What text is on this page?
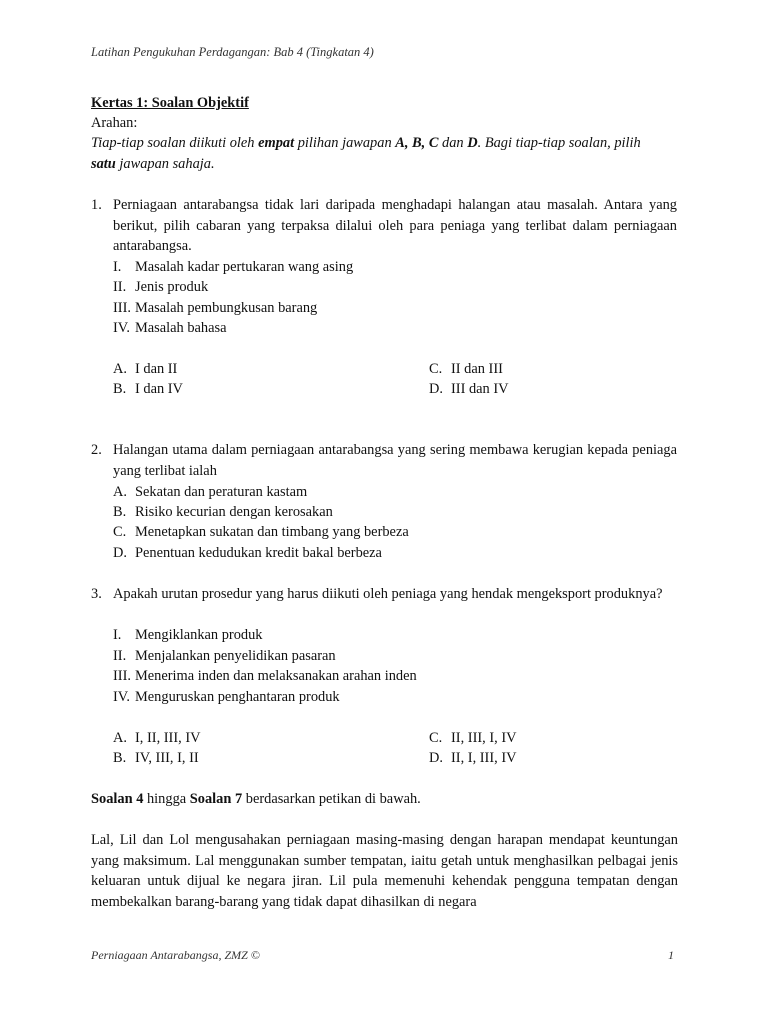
Latihan Pengukuhan Perdagangan: Bab 4 (Tingkatan 4)
Kertas 1: Soalan Objektif
Arahan:
Tiap-tiap soalan diikuti oleh empat pilihan jawapan A, B, C dan D. Bagi tiap-tiap soalan, pilih
satu jawapan sahaja.
1. Perniagaan antarabangsa tidak lari daripada menghadapi halangan atau masalah. Antara yang berikut, pilih cabaran yang terpaksa dilalui oleh para peniaga yang terlibat dalam perniagaan antarabangsa.
I. Masalah kadar pertukaran wang asing
II. Jenis produk
III. Masalah pembungkusan barang
IV. Masalah bahasa
A. I dan II
B. I dan IV
C. II dan III
D. III dan IV
2. Halangan utama dalam perniagaan antarabangsa yang sering membawa kerugian kepada peniaga yang terlibat ialah
A. Sekatan dan peraturan kastam
B. Risiko kecurian dengan kerosakan
C. Menetapkan sukatan dan timbang yang berbeza
D. Penentuan kedudukan kredit bakal berbeza
3. Apakah urutan prosedur yang harus diikuti oleh peniaga yang hendak mengeksport produknya?
I. Mengiklankan produk
II. Menjalankan penyelidikan pasaran
III. Menerima inden dan melaksanakan arahan inden
IV. Menguruskan penghantaran produk
A. I, II, III, IV
B. IV, III, I, II
C. II, III, I, IV
D. II, I, III, IV
Soalan 4 hingga Soalan 7 berdasarkan petikan di bawah.
Lal, Lil dan Lol mengusahakan perniagaan masing-masing dengan harapan mendapat keuntungan yang maksimum. Lal menggunakan sumber tempatan, iaitu getah untuk menghasilkan pelbagai jenis keluaran untuk dijual ke negara jiran. Lil pula memenuhi kehendak pengguna tempatan dengan membekalkan barang-barang yang tidak dapat dihasilkan di negara
Perniagaan Antarabangsa, ZMZ ©	1
